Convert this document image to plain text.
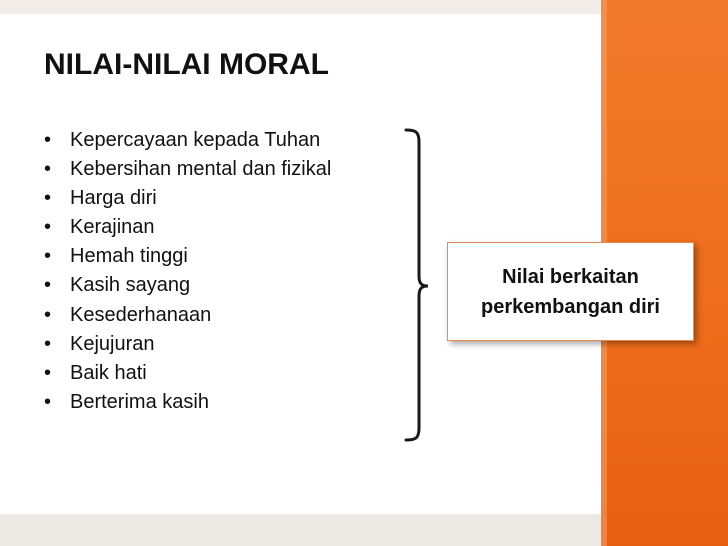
NILAI-NILAI MORAL
• Kepercayaan kepada Tuhan
• Kebersihan mental dan fizikal
• Harga diri
• Kerajinan
• Hemah tinggi
• Kasih sayang
• Kesederhanaan
• Kejujuran
• Baik hati
• Berterima kasih
Nilai berkaitan
perkembangan diri
